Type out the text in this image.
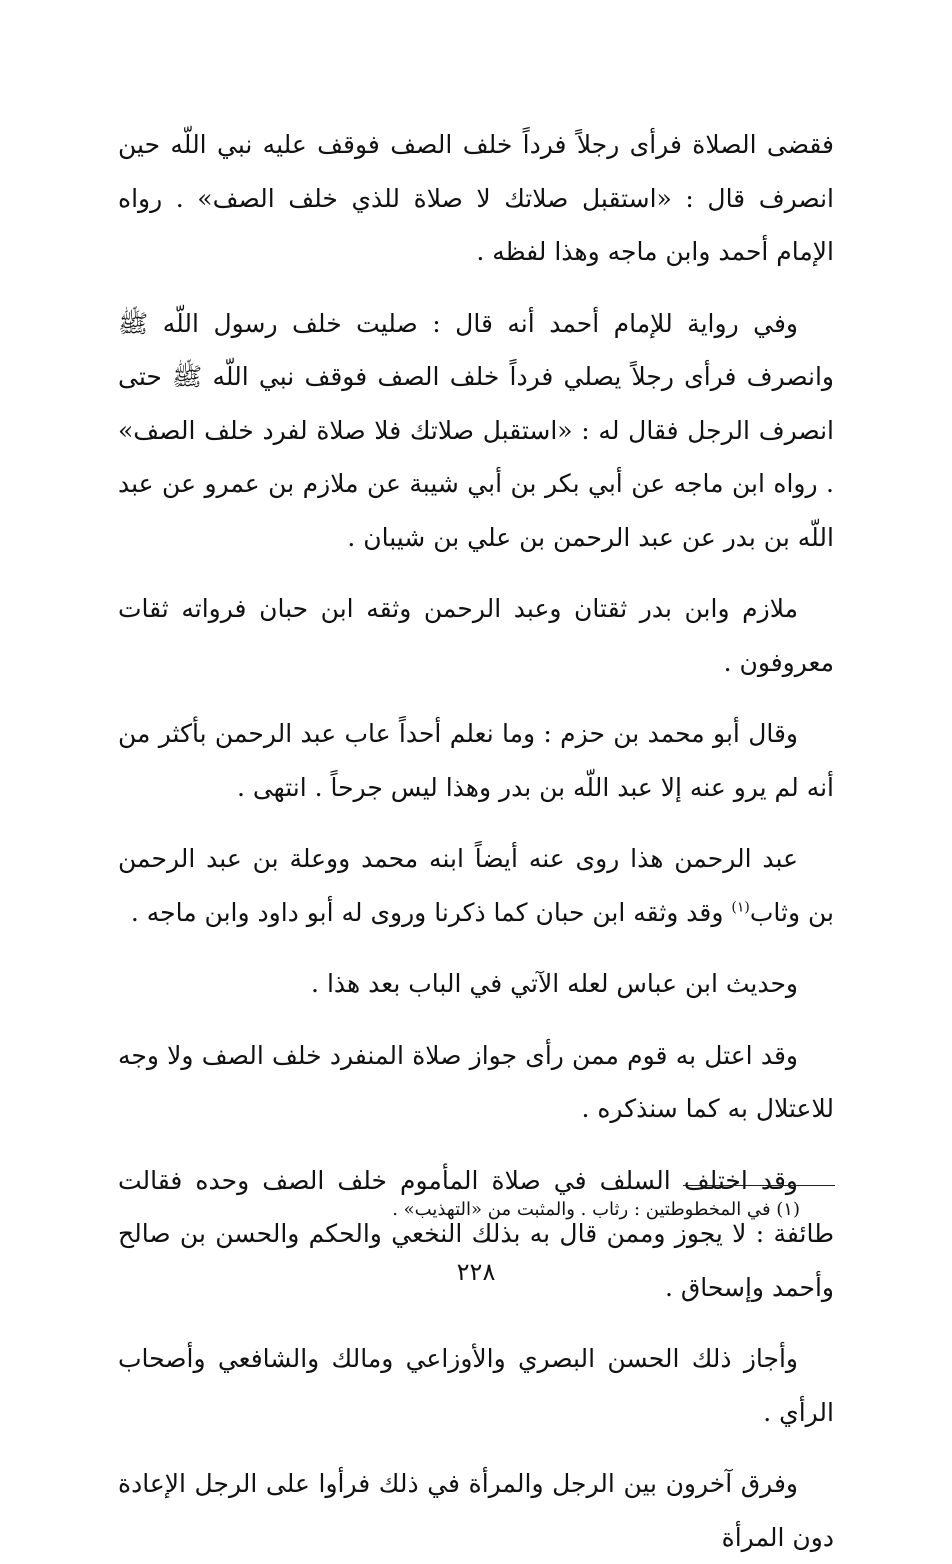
فقضى الصلاة فرأى رجلاً فرداً خلف الصف فوقف عليه نبي اللّه حين انصرف قال : «استقبل صلاتك لا صلاة للذي خلف الصف» . رواه الإمام أحمد وابن ماجه وهذا لفظه .

وفي رواية للإمام أحمد أنه قال : صليت خلف رسول اللّه ﷺ وانصرف فرأى رجلاً يصلي فرداً خلف الصف فوقف نبي اللّه ﷺ حتى انصرف الرجل فقال له : «استقبل صلاتك فلا صلاة لفرد خلف الصف» . رواه ابن ماجه عن أبي بكر بن أبي شيبة عن ملازم بن عمرو عن عبد اللّه بن بدر عن عبد الرحمن بن علي بن شيبان .

ملازم وابن بدر ثقتان وعبد الرحمن وثقه ابن حبان فرواته ثقات معروفون .

وقال أبو محمد بن حزم : وما نعلم أحداً عاب عبد الرحمن بأكثر من أنه لم يرو عنه إلا عبد اللّه بن بدر وهذا ليس جرحاً . انتهى .

عبد الرحمن هذا روى عنه أيضاً ابنه محمد ووعلة بن عبد الرحمن بن وثاب$^{(١)}$ وقد وثقه ابن حبان كما ذكرنا وروى له أبو داود وابن ماجه .

وحديث ابن عباس لعله الآتي في الباب بعد هذا .

وقد اعتل به قوم ممن رأى جواز صلاة المنفرد خلف الصف ولا وجه للاعتلال به كما سنذكره .

وقد اختلف السلف في صلاة المأموم خلف الصف وحده فقالت طائفة : لا يجوز وممن قال به بذلك النخعي والحكم والحسن بن صالح وأحمد وإسحاق .

وأجاز ذلك الحسن البصري والأوزاعي ومالك والشافعي وأصحاب الرأي .

وفرق آخرون بين الرجل والمرأة في ذلك فرأوا على الرجل الإعادة دون المرأة

(١) في المخطوطتين : رثاب . والمثبت من «التهذيب» .
٢٢٨
